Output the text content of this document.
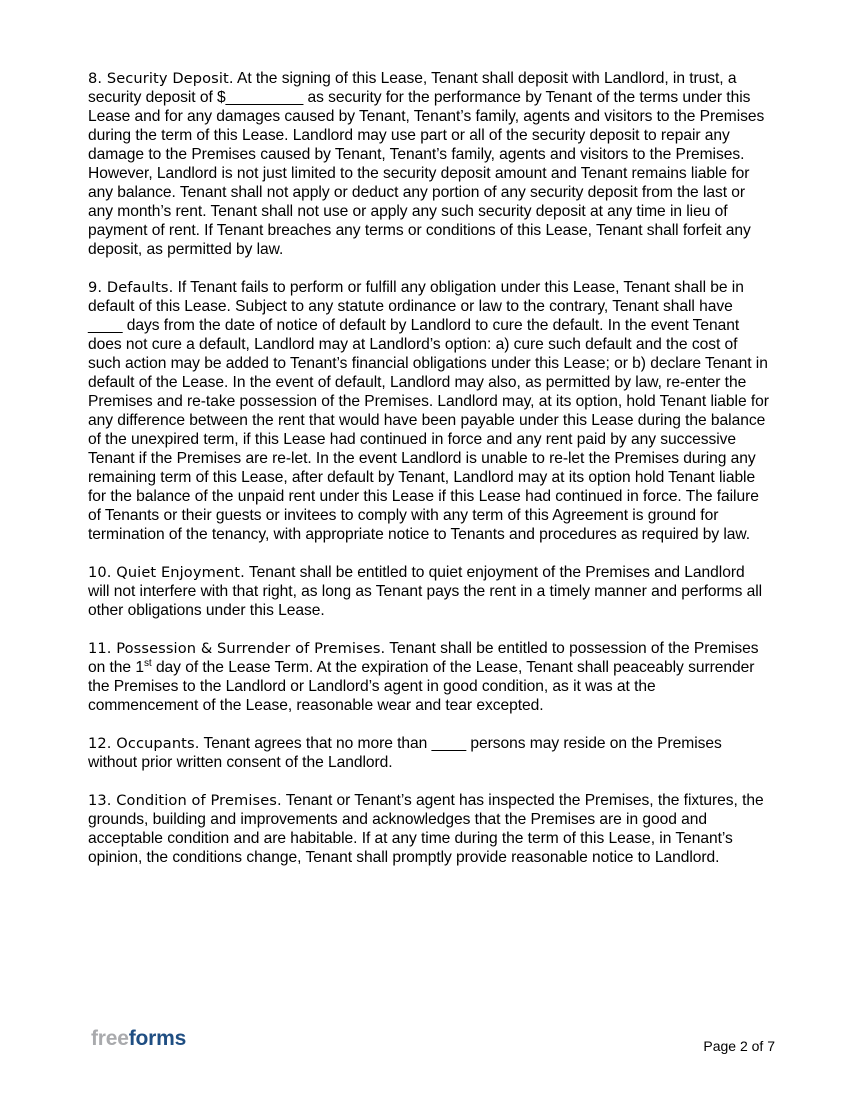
8. Security Deposit. At the signing of this Lease, Tenant shall deposit with Landlord, in trust, a security deposit of $_________ as security for the performance by Tenant of the terms under this Lease and for any damages caused by Tenant, Tenant’s family, agents and visitors to the Premises during the term of this Lease. Landlord may use part or all of the security deposit to repair any damage to the Premises caused by Tenant, Tenant’s family, agents and visitors to the Premises. However, Landlord is not just limited to the security deposit amount and Tenant remains liable for any balance. Tenant shall not apply or deduct any portion of any security deposit from the last or any month’s rent. Tenant shall not use or apply any such security deposit at any time in lieu of payment of rent. If Tenant breaches any terms or conditions of this Lease, Tenant shall forfeit any deposit, as permitted by law.

9. Defaults. If Tenant fails to perform or fulfill any obligation under this Lease, Tenant shall be in default of this Lease. Subject to any statute ordinance or law to the contrary, Tenant shall have ____ days from the date of notice of default by Landlord to cure the default. In the event Tenant does not cure a default, Landlord may at Landlord’s option: a) cure such default and the cost of such action may be added to Tenant’s financial obligations under this Lease; or b) declare Tenant in default of the Lease. In the event of default, Landlord may also, as permitted by law, re-enter the Premises and re-take possession of the Premises. Landlord may, at its option, hold Tenant liable for any difference between the rent that would have been payable under this Lease during the balance of the unexpired term, if this Lease had continued in force and any rent paid by any successive Tenant if the Premises are re-let. In the event Landlord is unable to re-let the Premises during any remaining term of this Lease, after default by Tenant, Landlord may at its option hold Tenant liable for the balance of the unpaid rent under this Lease if this Lease had continued in force. The failure of Tenants or their guests or invitees to comply with any term of this Agreement is ground for termination of the tenancy, with appropriate notice to Tenants and procedures as required by law.

10. Quiet Enjoyment. Tenant shall be entitled to quiet enjoyment of the Premises and Landlord will not interfere with that right, as long as Tenant pays the rent in a timely manner and performs all other obligations under this Lease.

11. Possession & Surrender of Premises. Tenant shall be entitled to possession of the Premises on the 1st day of the Lease Term. At the expiration of the Lease, Tenant shall peaceably surrender the Premises to the Landlord or Landlord’s agent in good condition, as it was at the commencement of the Lease, reasonable wear and tear excepted.

12. Occupants. Tenant agrees that no more than ____ persons may reside on the Premises without prior written consent of the Landlord.

13. Condition of Premises. Tenant or Tenant’s agent has inspected the Premises, the fixtures, the grounds, building and improvements and acknowledges that the Premises are in good and acceptable condition and are habitable. If at any time during the term of this Lease, in Tenant’s opinion, the conditions change, Tenant shall promptly provide reasonable notice to Landlord.

freeforms	Page 2 of 7
